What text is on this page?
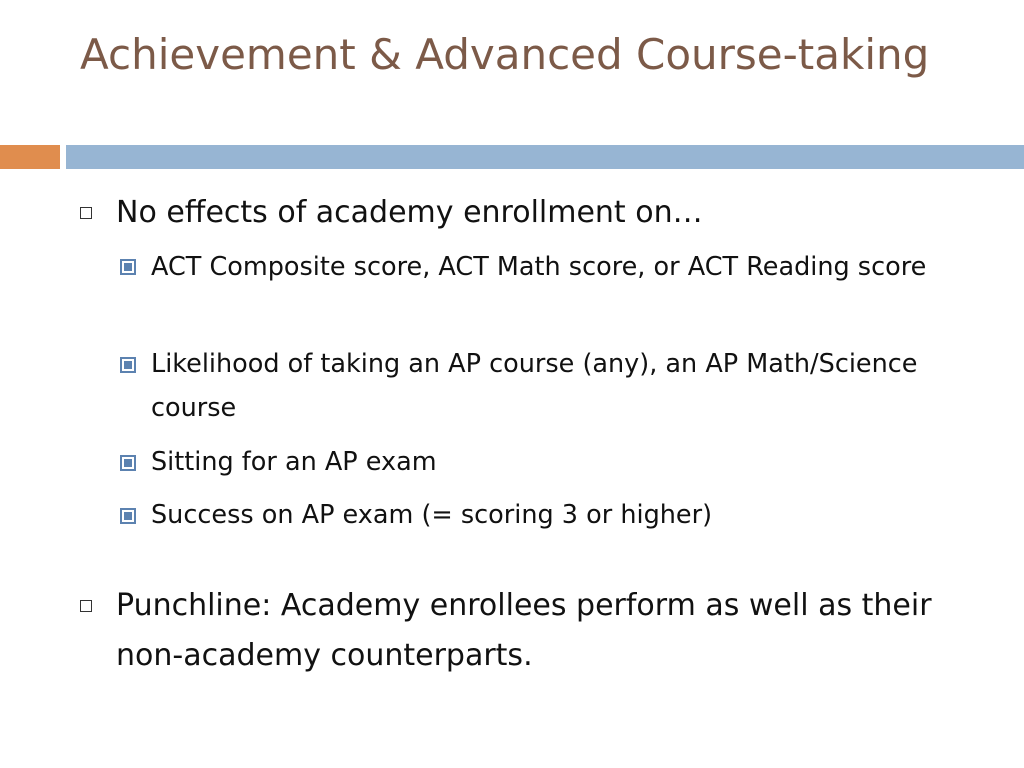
Achievement & Advanced Course-taking
No effects of academy enrollment on…
ACT Composite score, ACT Math score, or ACT Reading score
Likelihood of taking an AP course (any), an AP Math/Science course
Sitting for an AP exam
Success on AP exam (= scoring 3 or higher)
Punchline: Academy enrollees perform as well as their non-academy counterparts.
